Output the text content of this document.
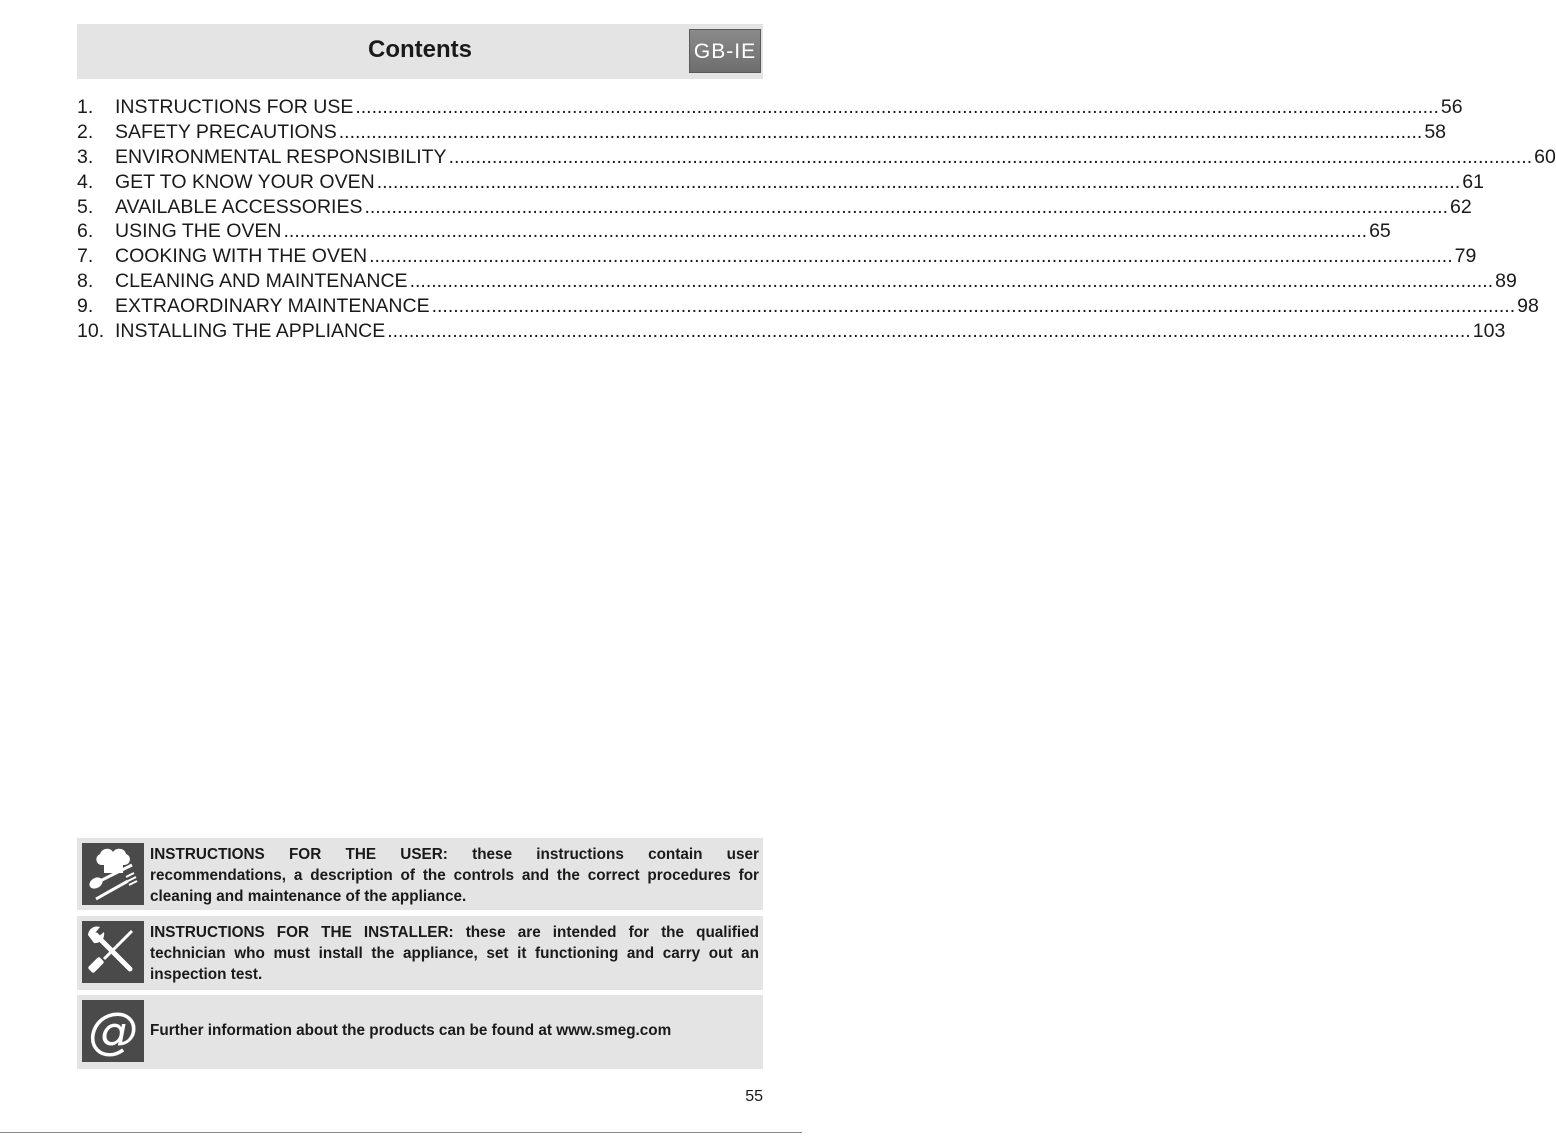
Contents	GB-IE
1.	INSTRUCTIONS FOR USE ........................................................................................................................................................................................................ 56
2.	SAFETY PRECAUTIONS ........................................................................................................................................................................................................ 58
3.	ENVIRONMENTAL RESPONSIBILITY ........................................................................................................................................................................................................ 60
4.	GET TO KNOW YOUR OVEN ........................................................................................................................................................................................................ 61
5.	AVAILABLE ACCESSORIES ........................................................................................................................................................................................................ 62
6.	USING THE OVEN ........................................................................................................................................................................................................ 65
7.	COOKING WITH THE OVEN ........................................................................................................................................................................................................ 79
8.	CLEANING AND MAINTENANCE ........................................................................................................................................................................................................ 89
9.	EXTRAORDINARY MAINTENANCE ........................................................................................................................................................................................................ 98
10. INSTALLING THE APPLIANCE ........................................................................................................................................................................................................ 103
INSTRUCTIONS FOR THE USER: these instructions contain user recommendations, a description of the controls and the correct procedures for cleaning and maintenance of the appliance.
INSTRUCTIONS FOR THE INSTALLER: these are intended for the qualified technician who must install the appliance, set it functioning and carry out an inspection test.
@ Further information about the products can be found at www.smeg.com
55
